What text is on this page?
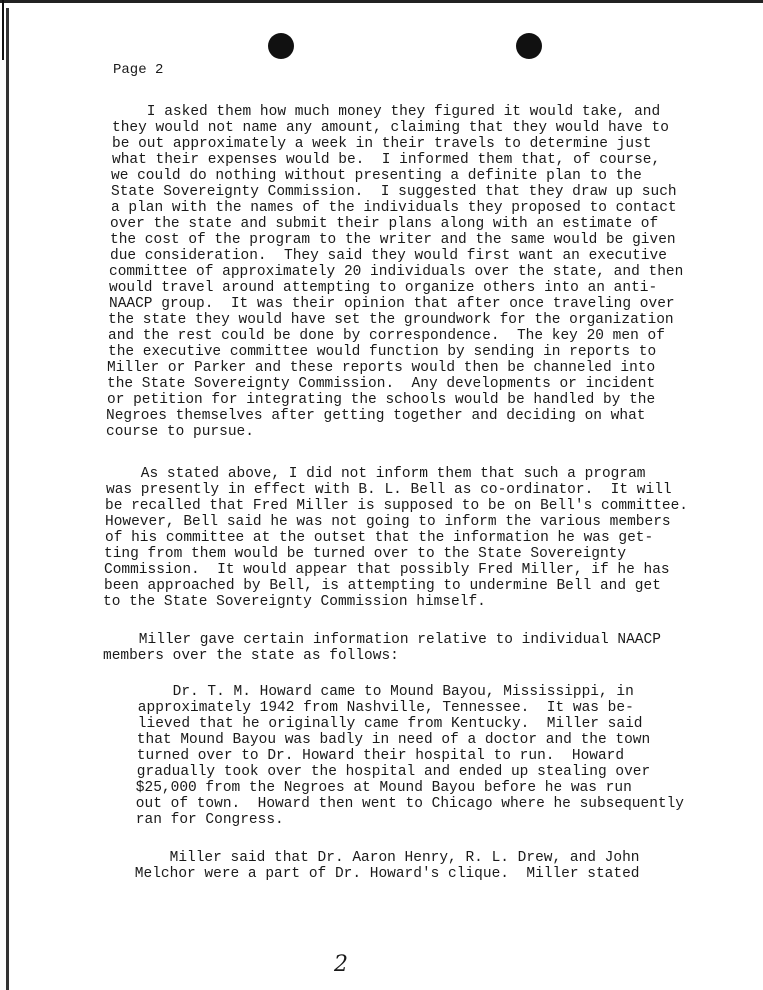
Page 2
I asked them how much money they figured it would take, and
they would not name any amount, claiming that they would have to
be out approximately a week in their travels to determine just
what their expenses would be.  I informed them that, of course,
we could do nothing without presenting a definite plan to the
State Sovereignty Commission.  I suggested that they draw up such
a plan with the names of the individuals they proposed to contact
over the state and submit their plans along with an estimate of
the cost of the program to the writer and the same would be given
due consideration.  They said they would first want an executive
committee of approximately 20 individuals over the state, and then
would travel around attempting to organize others into an anti-
NAACP group.  It was their opinion that after once traveling over
the state they would have set the groundwork for the organization
and the rest could be done by correspondence.  The key 20 men of
the executive committee would function by sending in reports to
Miller or Parker and these reports would then be channeled into
the State Sovereignty Commission.  Any developments or incident
or petition for integrating the schools would be handled by the
Negroes themselves after getting together and deciding on what
course to pursue.
As stated above, I did not inform them that such a program
was presently in effect with B. L. Bell as co-ordinator.  It will
be recalled that Fred Miller is supposed to be on Bell's committee.
However, Bell said he was not going to inform the various members
of his committee at the outset that the information he was get-
ting from them would be turned over to the State Sovereignty
Commission.  It would appear that possibly Fred Miller, if he has
been approached by Bell, is attempting to undermine Bell and get
to the State Sovereignty Commission himself.
Miller gave certain information relative to individual NAACP
members over the state as follows:
Dr. T. M. Howard came to Mound Bayou, Mississippi, in
approximately 1942 from Nashville, Tennessee.  It was be-
lieved that he originally came from Kentucky.  Miller said
that Mound Bayou was badly in need of a doctor and the town
turned over to Dr. Howard their hospital to run.  Howard
gradually took over the hospital and ended up stealing over
$25,000 from the Negroes at Mound Bayou before he was run
out of town.  Howard then went to Chicago where he subsequently
ran for Congress.
Miller said that Dr. Aaron Henry, R. L. Drew, and John
Melchor were a part of Dr. Howard's clique.  Miller stated
2
